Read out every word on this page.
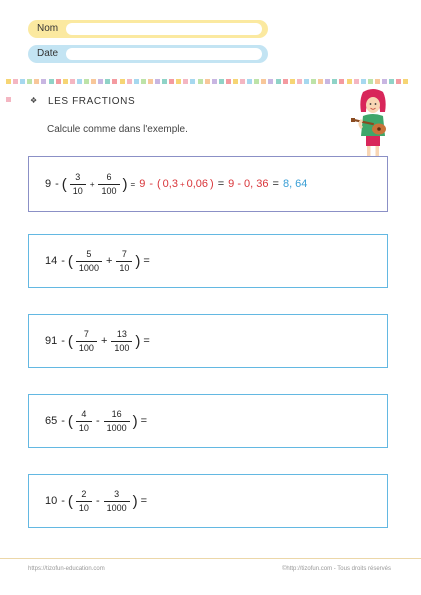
Nom
Date
❖ LES FRACTIONS
Calcule comme dans l'exemple.
9 - ( $\frac{3}{10} + \frac{6}{100}$ ) = 9 - ( 0,3 + 0,06 ) = 9 - 0, 36 = 8, 64
14 - ( $\frac{5}{1000} + \frac{7}{10}$ ) =
91 - ( $\frac{7}{100} + \frac{13}{100}$ ) =
65 - ( $\frac{4}{10} - \frac{16}{1000}$ ) =
10 - ( $\frac{2}{10} - \frac{3}{1000}$ ) =
https://tizofun-education.com	©http://tizofun.com - Tous droits réservés
